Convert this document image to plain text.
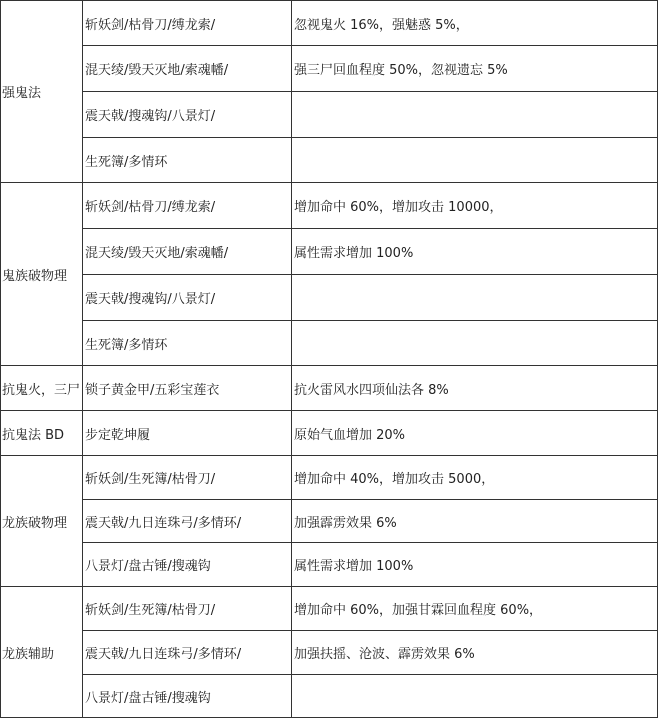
强鬼法	斩妖剑/枯骨刀/缚龙索/	忽视鬼火 16%，强魅惑 5%，
	混天绫/毁天灭地/索魂幡/	强三尸回血程度 50%，忽视遗忘 5%
	震天戟/搜魂钩/八景灯/	
	生死簿/多情环	
鬼族破物理	斩妖剑/枯骨刀/缚龙索/	增加命中 60%，增加攻击 10000，
	混天绫/毁天灭地/索魂幡/	属性需求增加 100%
	震天戟/搜魂钩/八景灯/	
	生死簿/多情环	
抗鬼火，三尸	锁子黄金甲/五彩宝莲衣	抗火雷风水四项仙法各 8%
抗鬼法 BD	步定乾坤履	原始气血增加 20%
龙族破物理	斩妖剑/生死簿/枯骨刀/	增加命中 40%，增加攻击 5000，
	震天戟/九日连珠弓/多情环/	加强霹雳效果 6%
	八景灯/盘古锤/搜魂钩	属性需求增加 100%
龙族辅助	斩妖剑/生死簿/枯骨刀/	增加命中 60%，加强甘霖回血程度 60%，
	震天戟/九日连珠弓/多情环/	加强扶摇、沧波、霹雳效果 6%
	八景灯/盘古锤/搜魂钩	
